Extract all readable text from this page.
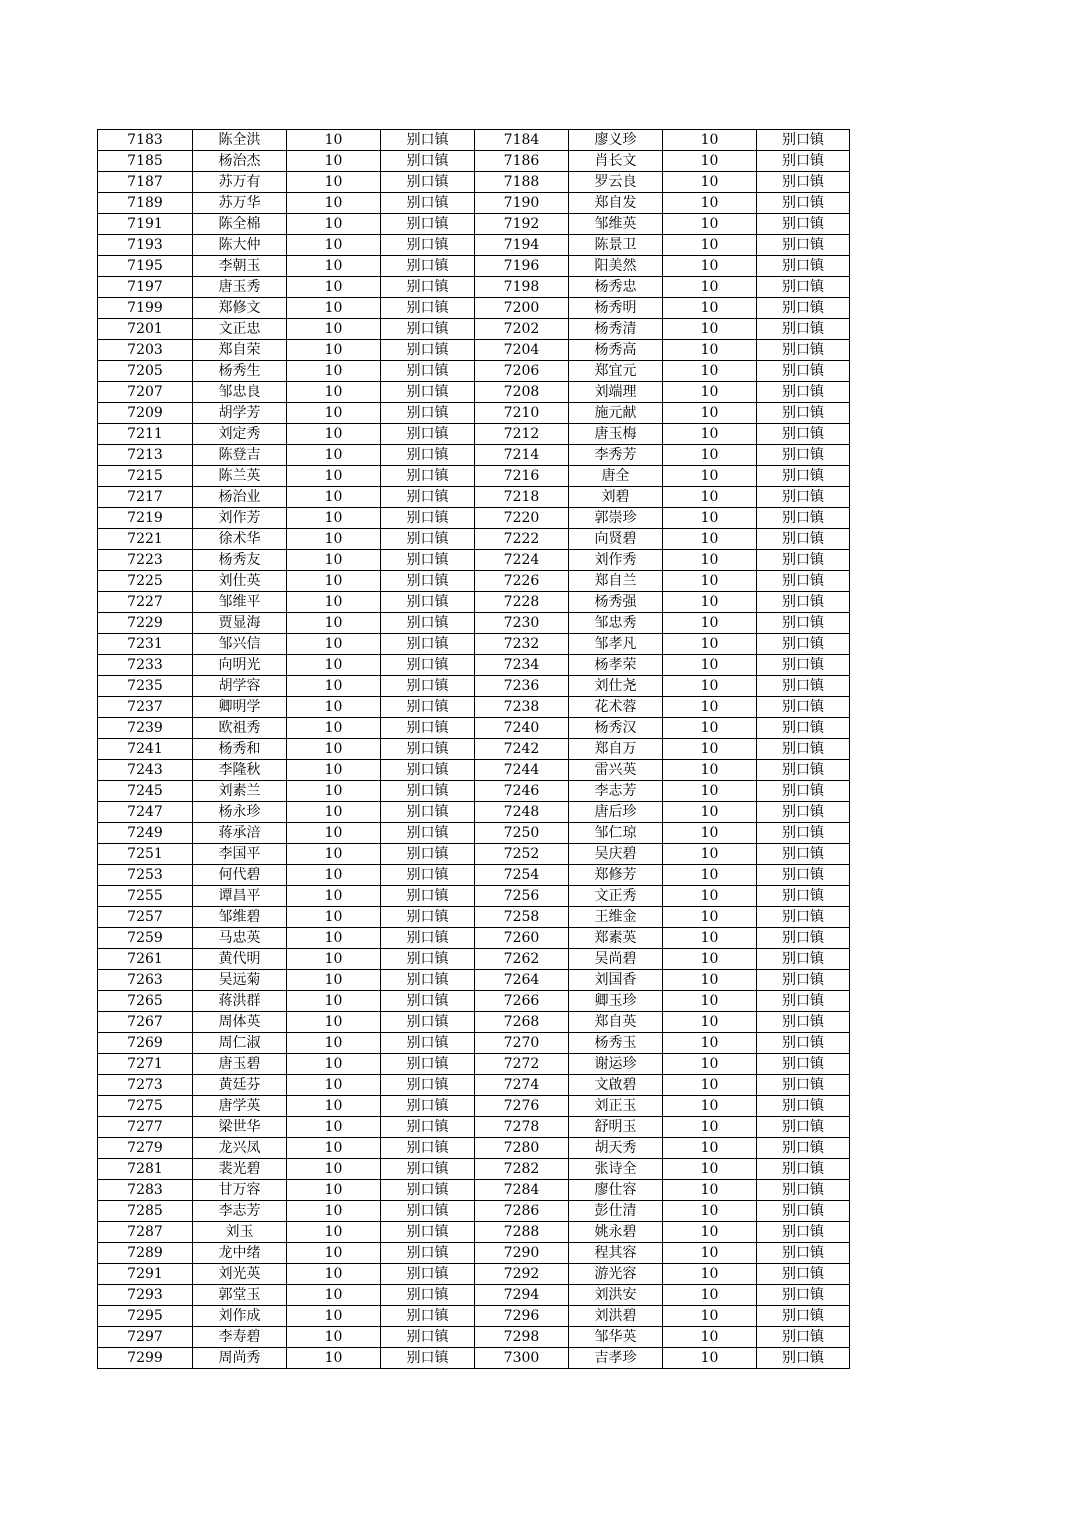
7183	陈全洪	10	别口镇	7184	廖义珍	10	别口镇
7185	杨治杰	10	别口镇	7186	肖长文	10	别口镇
7187	苏万有	10	别口镇	7188	罗云良	10	别口镇
7189	苏万华	10	别口镇	7190	郑自发	10	别口镇
7191	陈全棉	10	别口镇	7192	邹维英	10	别口镇
7193	陈大仲	10	别口镇	7194	陈景卫	10	别口镇
7195	李朝玉	10	别口镇	7196	阳美然	10	别口镇
7197	唐玉秀	10	别口镇	7198	杨秀忠	10	别口镇
7199	郑修文	10	别口镇	7200	杨秀明	10	别口镇
7201	文正忠	10	别口镇	7202	杨秀清	10	别口镇
7203	郑自荣	10	别口镇	7204	杨秀高	10	别口镇
7205	杨秀生	10	别口镇	7206	郑宜元	10	别口镇
7207	邹忠良	10	别口镇	7208	刘端理	10	别口镇
7209	胡学芳	10	别口镇	7210	施元献	10	别口镇
7211	刘定秀	10	别口镇	7212	唐玉梅	10	别口镇
7213	陈登吉	10	别口镇	7214	李秀芳	10	别口镇
7215	陈兰英	10	别口镇	7216	唐全	10	别口镇
7217	杨治业	10	别口镇	7218	刘碧	10	别口镇
7219	刘作芳	10	别口镇	7220	郭崇珍	10	别口镇
7221	徐术华	10	别口镇	7222	向贤碧	10	别口镇
7223	杨秀友	10	别口镇	7224	刘作秀	10	别口镇
7225	刘仕英	10	别口镇	7226	郑自兰	10	别口镇
7227	邹维平	10	别口镇	7228	杨秀强	10	别口镇
7229	贾显海	10	别口镇	7230	邹忠秀	10	别口镇
7231	邹兴信	10	别口镇	7232	邹孝凡	10	别口镇
7233	向明光	10	别口镇	7234	杨孝荣	10	别口镇
7235	胡学容	10	别口镇	7236	刘仕尧	10	别口镇
7237	卿明学	10	别口镇	7238	花术蓉	10	别口镇
7239	欧祖秀	10	别口镇	7240	杨秀汉	10	别口镇
7241	杨秀和	10	别口镇	7242	郑自万	10	别口镇
7243	李隆秋	10	别口镇	7244	雷兴英	10	别口镇
7245	刘素兰	10	别口镇	7246	李志芳	10	别口镇
7247	杨永珍	10	别口镇	7248	唐后珍	10	别口镇
7249	蒋承涪	10	别口镇	7250	邹仁琼	10	别口镇
7251	李国平	10	别口镇	7252	吴庆碧	10	别口镇
7253	何代碧	10	别口镇	7254	郑修芳	10	别口镇
7255	谭昌平	10	别口镇	7256	文正秀	10	别口镇
7257	邹维碧	10	别口镇	7258	王维金	10	别口镇
7259	马忠英	10	别口镇	7260	郑素英	10	别口镇
7261	黄代明	10	别口镇	7262	吴尚碧	10	别口镇
7263	吴远菊	10	别口镇	7264	刘国香	10	别口镇
7265	蒋洪群	10	别口镇	7266	卿玉珍	10	别口镇
7267	周体英	10	别口镇	7268	郑自英	10	别口镇
7269	周仁淑	10	别口镇	7270	杨秀玉	10	别口镇
7271	唐玉碧	10	别口镇	7272	谢运珍	10	别口镇
7273	黄廷芬	10	别口镇	7274	文啟碧	10	别口镇
7275	唐学英	10	别口镇	7276	刘正玉	10	别口镇
7277	梁世华	10	别口镇	7278	舒明玉	10	别口镇
7279	龙兴凤	10	别口镇	7280	胡天秀	10	别口镇
7281	裴光碧	10	别口镇	7282	张诗全	10	别口镇
7283	甘万容	10	别口镇	7284	廖仕容	10	别口镇
7285	李志芳	10	别口镇	7286	彭仕清	10	别口镇
7287	刘玉	10	别口镇	7288	姚永碧	10	别口镇
7289	龙中绪	10	别口镇	7290	程其容	10	别口镇
7291	刘光英	10	别口镇	7292	游光容	10	别口镇
7293	郭堂玉	10	别口镇	7294	刘洪安	10	别口镇
7295	刘作成	10	别口镇	7296	刘洪碧	10	别口镇
7297	李寿碧	10	别口镇	7298	邹华英	10	别口镇
7299	周尚秀	10	别口镇	7300	吉孝珍	10	别口镇
